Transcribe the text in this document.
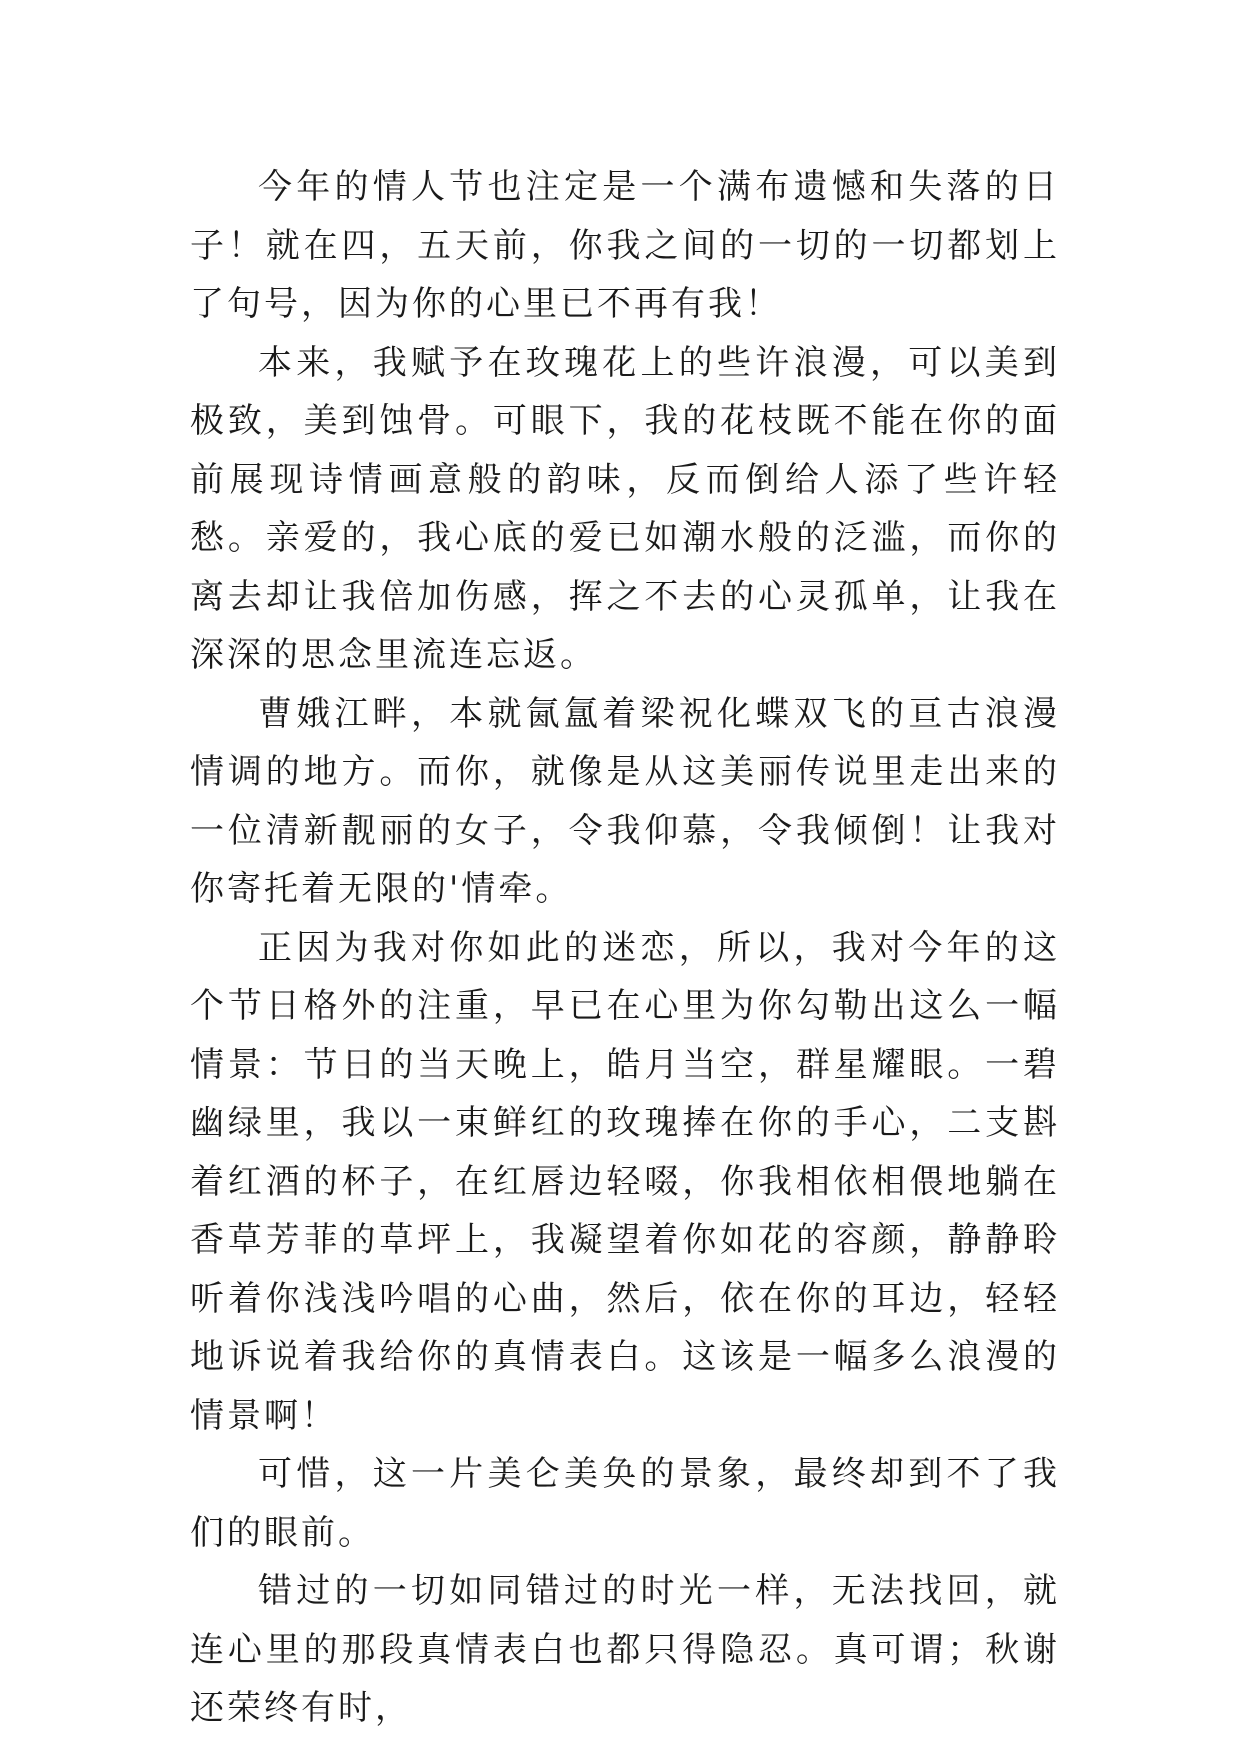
今年的情人节也注定是一个满布遗憾和失落的日子！就在四，五天前，你我之间的一切的一切都划上了句号，因为你的心里已不再有我！

本来，我赋予在玫瑰花上的些许浪漫，可以美到极致，美到蚀骨。可眼下，我的花枝既不能在你的面前展现诗情画意般的韵味，反而倒给人添了些许轻愁。亲爱的，我心底的爱已如潮水般的泛滥，而你的离去却让我倍加伤感，挥之不去的心灵孤单，让我在深深的思念里流连忘返。

曹娥江畔，本就氤氲着梁祝化蝶双飞的亘古浪漫情调的地方。而你，就像是从这美丽传说里走出来的一位清新靓丽的女子，令我仰慕，令我倾倒！让我对你寄托着无限的'情牵。

正因为我对你如此的迷恋，所以，我对今年的这个节日格外的注重，早已在心里为你勾勒出这么一幅情景：节日的当天晚上，皓月当空，群星耀眼。一碧幽绿里，我以一束鲜红的玫瑰捧在你的手心，二支斟着红酒的杯子，在红唇边轻啜，你我相依相偎地躺在香草芳菲的草坪上，我凝望着你如花的容颜，静静聆听着你浅浅吟唱的心曲，然后，依在你的耳边，轻轻地诉说着我给你的真情表白。这该是一幅多么浪漫的情景啊！

可惜，这一片美仑美奂的景象，最终却到不了我们的眼前。

错过的一切如同错过的时光一样，无法找回，就连心里的那段真情表白也都只得隐忍。真可谓；秋谢还荣终有时，
